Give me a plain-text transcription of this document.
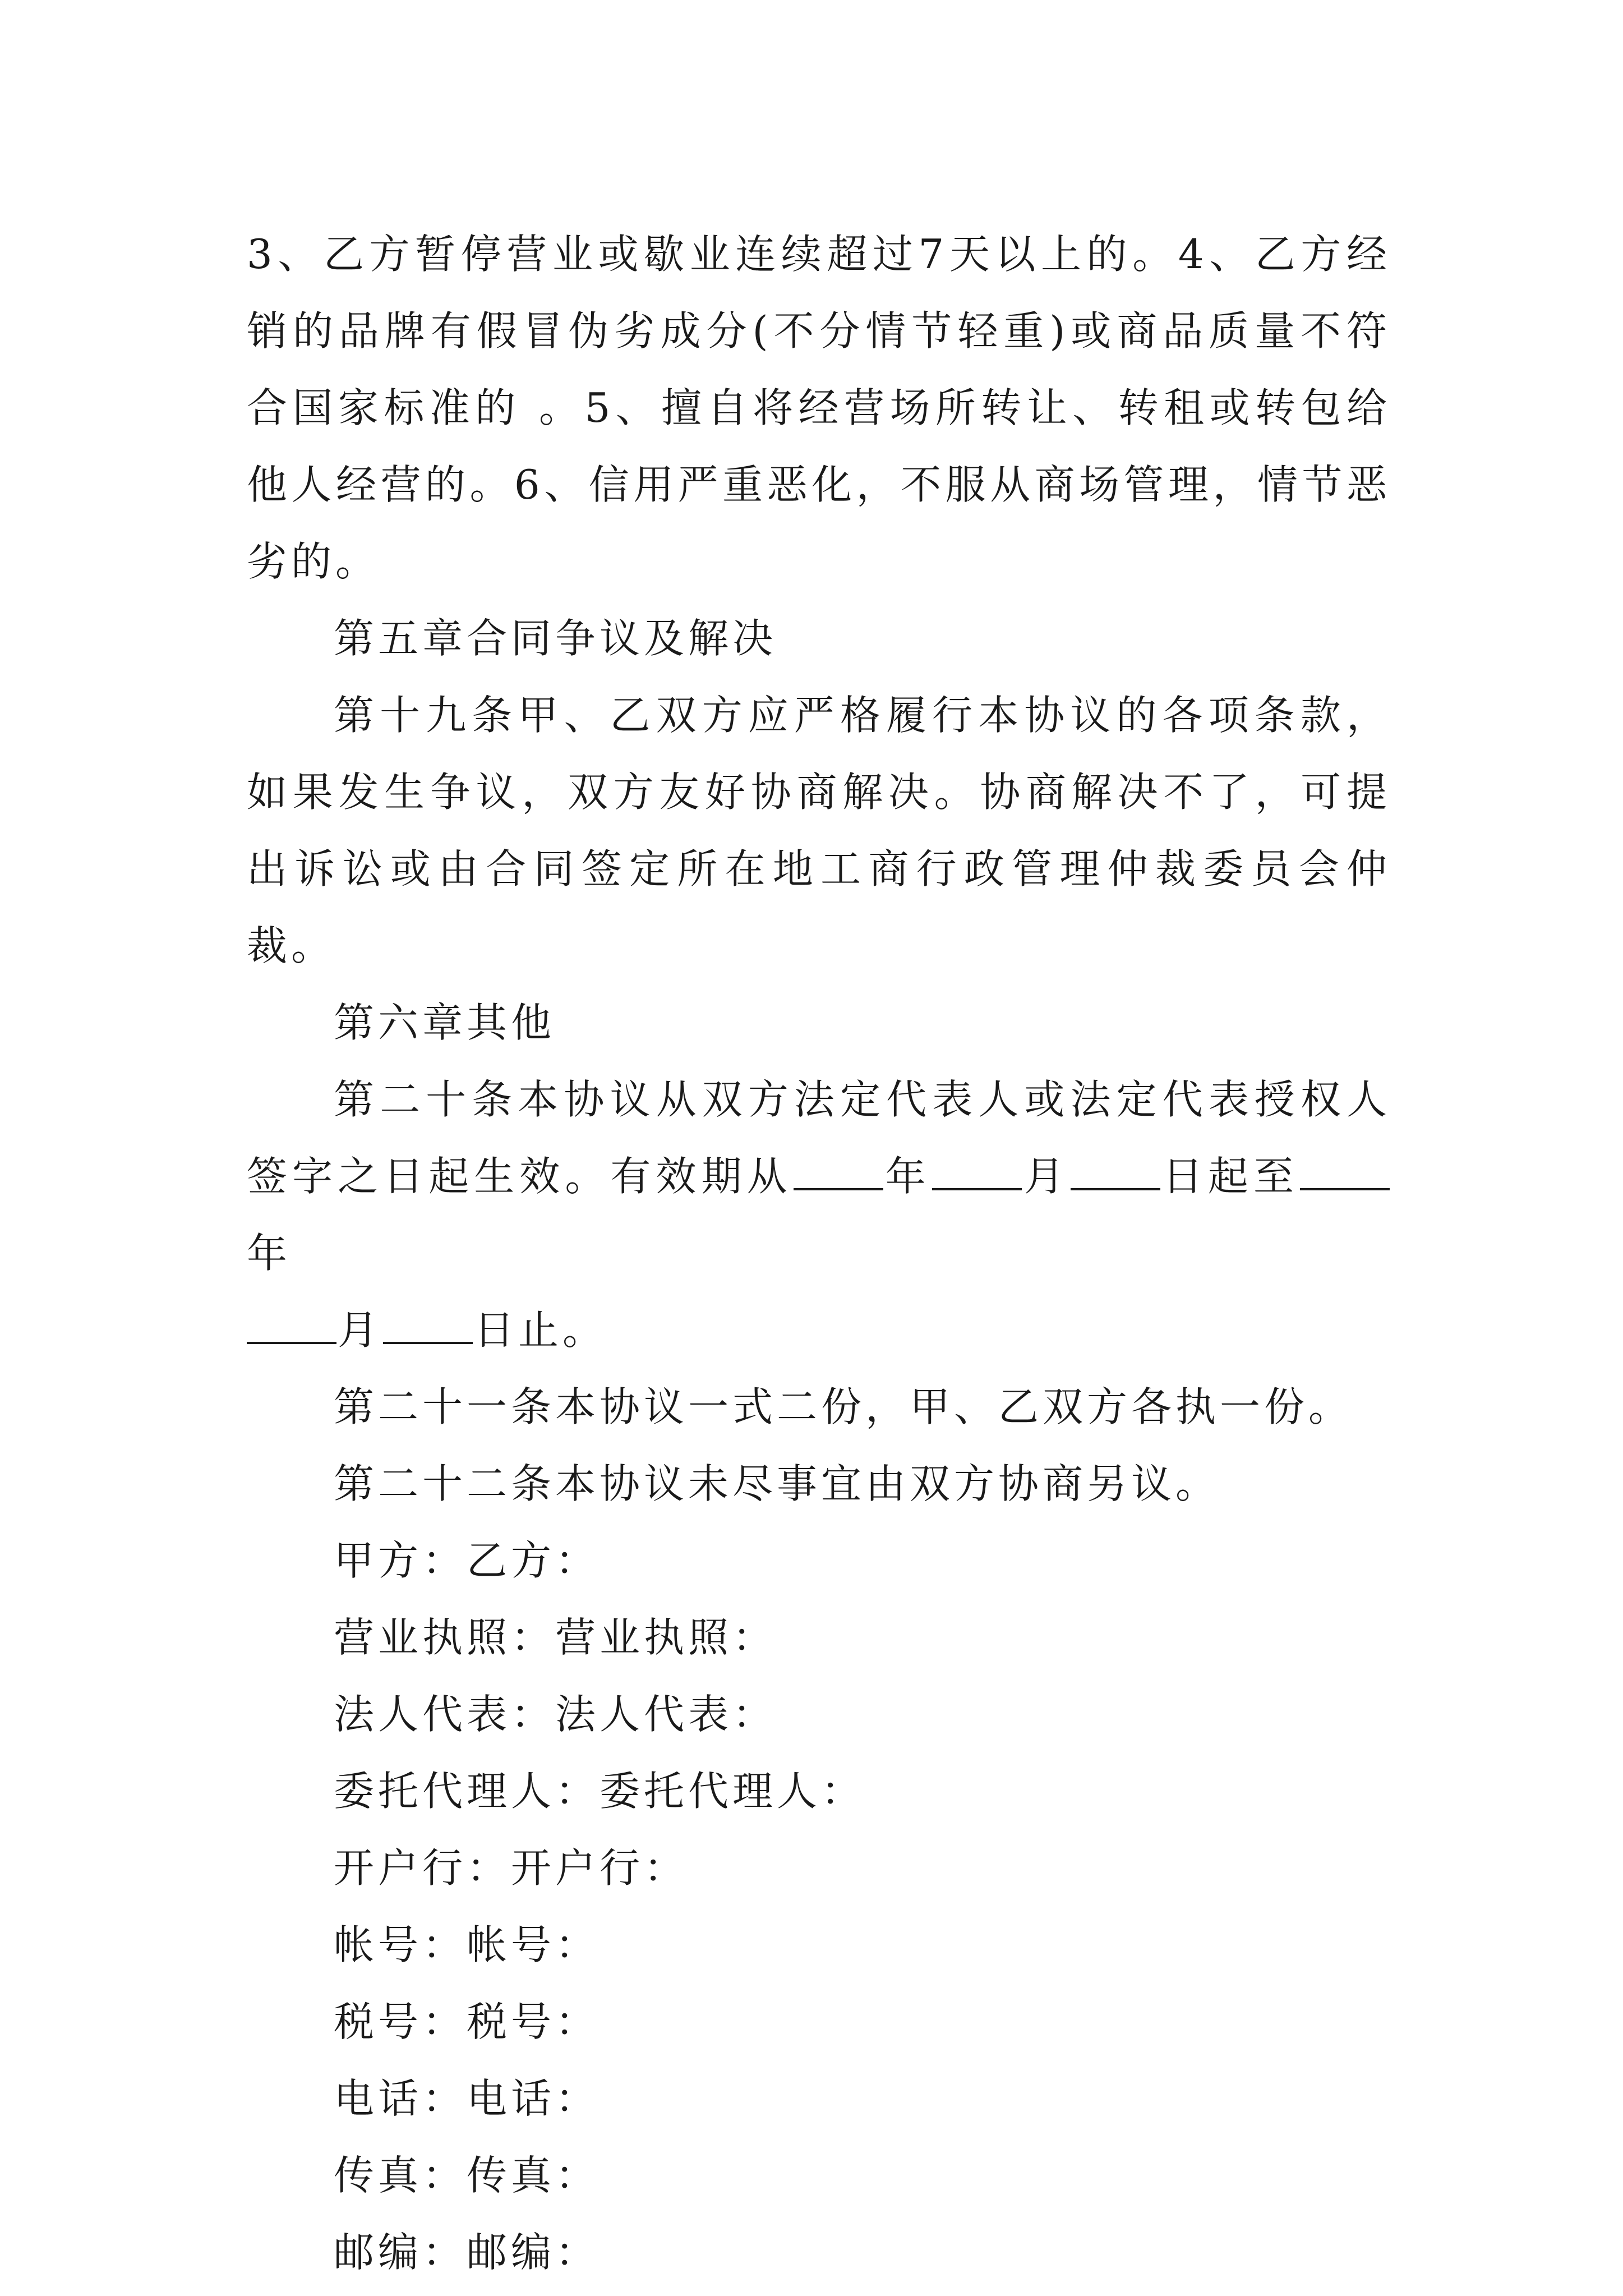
3、乙方暂停营业或歇业连续超过7天以上的。4、乙方经销的品牌有假冒伪劣成分(不分情节轻重)或商品质量不符合国家标准的 。5、擅自将经营场所转让、转租或转包给他人经营的。6、信用严重恶化，不服从商场管理，情节恶劣的。

第五章合同争议及解决

第十九条甲、乙双方应严格履行本协议的各项条款，如果发生争议，双方友好协商解决。协商解决不了，可提出诉讼或由合同签定所在地工商行政管理仲裁委员会仲裁。

第六章其他

第二十条本协议从双方法定代表人或法定代表授权人签字之日起生效。有效期从 年 月 日起至年
月 日止。

第二十一条本协议一式二份，甲、乙双方各执一份。

第二十二条本协议未尽事宜由双方协商另议。

甲方：乙方：

营业执照：营业执照：

法人代表：法人代表：

委托代理人：委托代理人：

开户行：开户行：

帐号：帐号：

税号：税号：

电话：电话：

传真：传真：

邮编：邮编：
